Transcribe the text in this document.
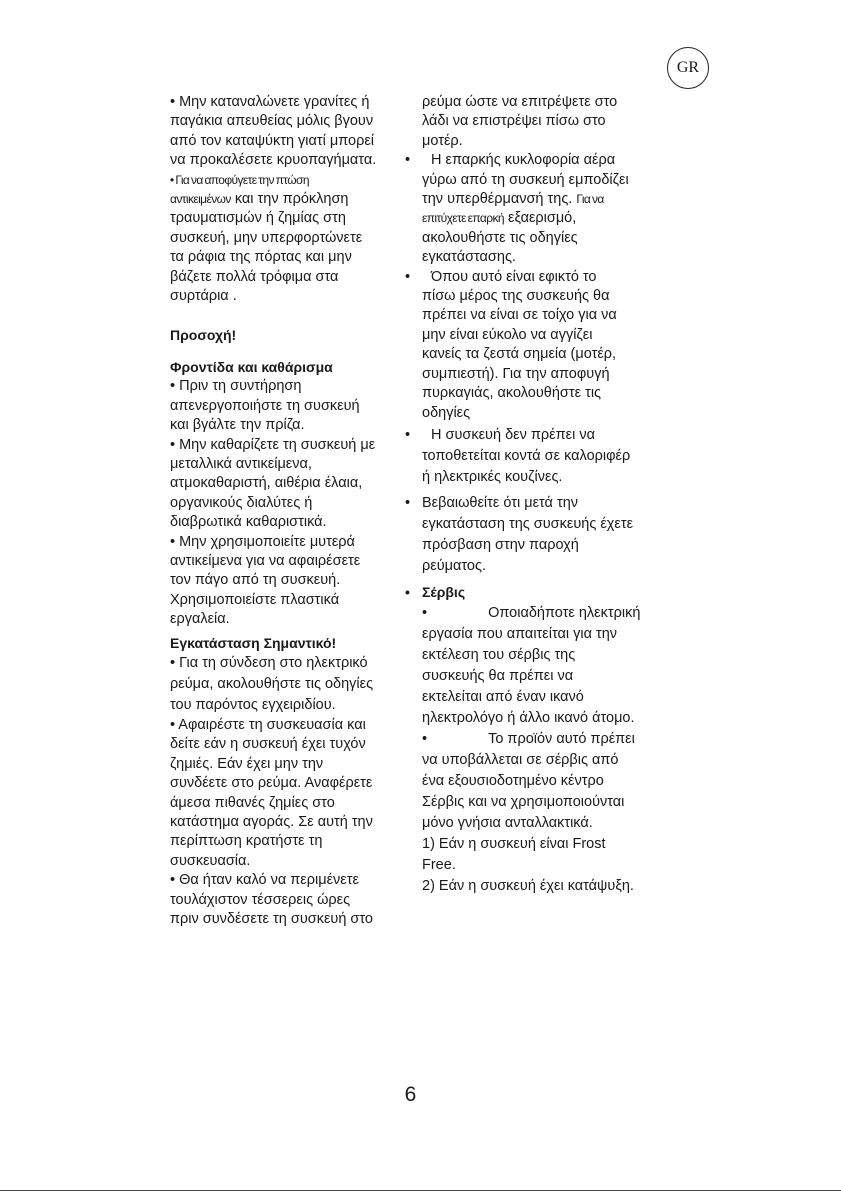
GR
• Μην καταναλώνετε γρανίτες ή
παγάκια απευθείας μόλις βγουν
από τον καταψύκτη γιατί μπορεί
να προκαλέσετε κρυοπαγήματα.
• Για να αποφύγετε την πτώση
αντικειμένων και την πρόκληση
τραυματισμών ή ζημίας στη
συσκευή, μην υπερφορτώνετε
τα ράφια της πόρτας και μην
βάζετε πολλά τρόφιμα στα
συρτάρια .
Προσοχή!
Φροντίδα και καθάρισμα
• Πριν τη συντήρηση
απενεργοποιήστε τη συσκευή
και βγάλτε την πρίζα.
• Μην καθαρίζετε τη συσκευή με
μεταλλικά αντικείμενα,
ατμοκαθαριστή, αιθέρια έλαια,
οργανικούς διαλύτες ή
διαβρωτικά καθαριστικά.
• Μην χρησιμοποιείτε μυτερά
αντικείμενα για να αφαιρέσετε
τον πάγο από τη συσκευή.
Χρησιμοποιείστε πλαστικά
εργαλεία.
Εγκατάσταση Σημαντικό!
• Για τη σύνδεση στο ηλεκτρικό
ρεύμα, ακολουθήστε τις οδηγίες
του παρόντος εγχειριδίου.
• Αφαιρέστε τη συσκευασία και
δείτε εάν η συσκευή έχει τυχόν
ζημιές. Εάν έχει μην την
συνδέετε στο ρεύμα. Αναφέρετε
άμεσα πιθανές ζημίες στο
κατάστημα αγοράς. Σε αυτή την
περίπτωση κρατήστε τη
συσκευασία.
• Θα ήταν καλό να περιμένετε
τουλάχιστον τέσσερεις ώρες
πριν συνδέσετε τη συσκευή στο
ρεύμα ώστε να επιτρέψετε στο
λάδι να επιστρέψει πίσω στο
μοτέρ.
• Η επαρκής κυκλοφορία αέρα
γύρω από τη συσκευή εμποδίζει
την υπερθέρμανσή της. Για να
επιτύχετε επαρκή εξαερισμό,
ακολουθήστε τις οδηγίες
εγκατάστασης.
• Όπου αυτό είναι εφικτό το
πίσω μέρος της συσκευής θα
πρέπει να είναι σε τοίχο για να
μην είναι εύκολο να αγγίζει
κανείς τα ζεστά σημεία (μοτέρ,
συμπιεστή). Για την αποφυγή
πυρκαγιάς, ακολουθήστε τις
οδηγίες
• Η συσκευή δεν πρέπει να
τοποθετείται κοντά σε καλοριφέρ
ή ηλεκτρικές κουζίνες.
• Βεβαιωθείτε ότι μετά την
εγκατάσταση της συσκευής έχετε
πρόσβαση στην παροχή
ρεύματος.
• Σέρβις
•	Οποιαδήποτε ηλεκτρική
εργασία που απαιτείται για την
εκτέλεση του σέρβις της
συσκευής θα πρέπει να
εκτελείται από έναν ικανό
ηλεκτρολόγο ή άλλο ικανό άτομο.
•	Το προϊόν αυτό πρέπει
να υποβάλλεται σε σέρβις από
ένα εξουσιοδοτημένο κέντρο
Σέρβις και να χρησιμοποιούνται
μόνο γνήσια ανταλλακτικά.
1) Εάν η συσκευή είναι Frost
Free.
2) Εάν η συσκευή έχει κατάψυξη.
6
